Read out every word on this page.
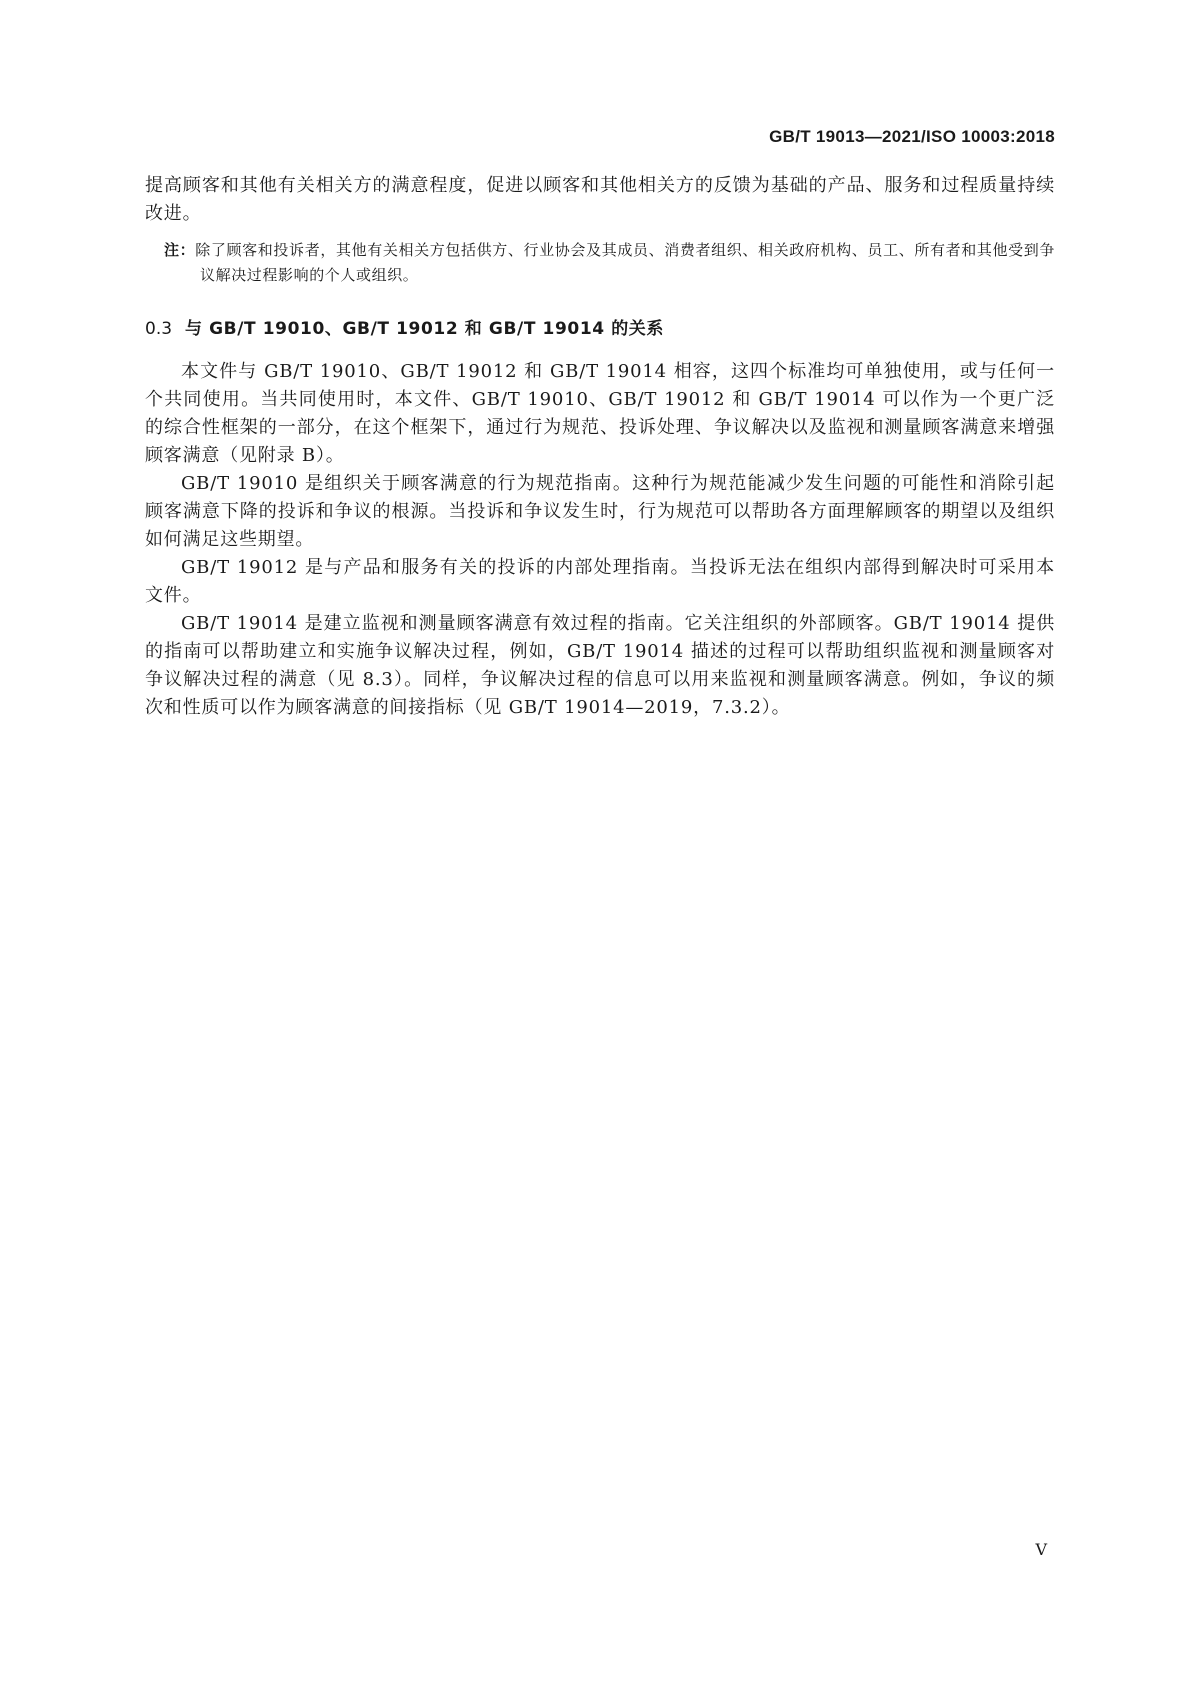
GB/T 19013—2021/ISO 10003:2018

提高顾客和其他有关相关方的满意程度，促进以顾客和其他相关方的反馈为基础的产品、服务和过程质量持续改进。

注：除了顾客和投诉者，其他有关相关方包括供方、行业协会及其成员、消费者组织、相关政府机构、员工、所有者和其他受到争议解决过程影响的个人或组织。

0.3 与 GB/T 19010、GB/T 19012 和 GB/T 19014 的关系

本文件与 GB/T 19010、GB/T 19012 和 GB/T 19014 相容，这四个标准均可单独使用，或与任何一个共同使用。当共同使用时，本文件、GB/T 19010、GB/T 19012 和 GB/T 19014 可以作为一个更广泛的综合性框架的一部分，在这个框架下，通过行为规范、投诉处理、争议解决以及监视和测量顾客满意来增强顾客满意（见附录 B）。

GB/T 19010 是组织关于顾客满意的行为规范指南。这种行为规范能减少发生问题的可能性和消除引起顾客满意下降的投诉和争议的根源。当投诉和争议发生时，行为规范可以帮助各方面理解顾客的期望以及组织如何满足这些期望。

GB/T 19012 是与产品和服务有关的投诉的内部处理指南。当投诉无法在组织内部得到解决时可采用本文件。

GB/T 19014 是建立监视和测量顾客满意有效过程的指南。它关注组织的外部顾客。GB/T 19014 提供的指南可以帮助建立和实施争议解决过程，例如，GB/T 19014 描述的过程可以帮助组织监视和测量顾客对争议解决过程的满意（见 8.3）。同样，争议解决过程的信息可以用来监视和测量顾客满意。例如，争议的频次和性质可以作为顾客满意的间接指标（见 GB/T 19014—2019，7.3.2）。

V
